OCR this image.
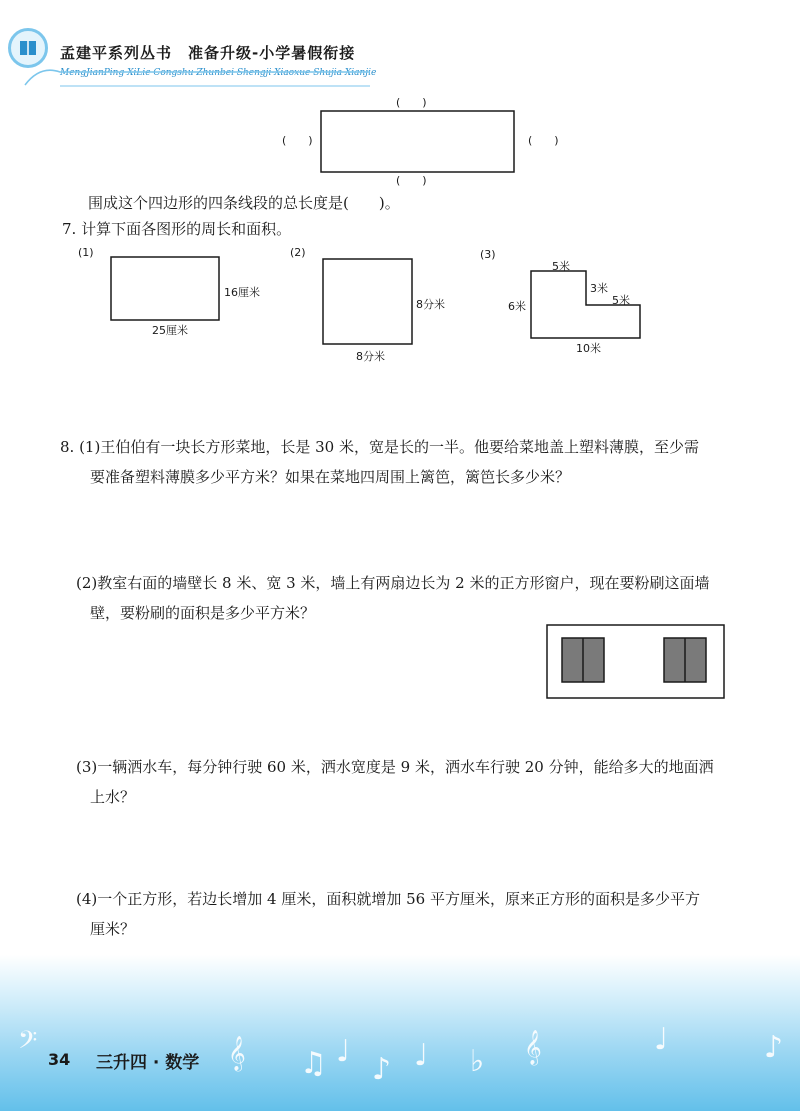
孟建平系列丛书　准备升级-小学暑假衔接
MengJianPing XiLie Congshu Zhunbei Shengji-Xiaoxue Shujia Xianjie
(　　)
(　　)	(　　)
(　　)
围成这个四边形的四条线段的总长度是(　　)。
7. 计算下面各图形的周长和面积。
(1)
16厘米
25厘米
(2)
8分米
8分米
(3)
5米
3米
5米
6米
10米
8. (1)王伯伯有一块长方形菜地，长是 30 米，宽是长的一半。他要给菜地盖上塑料薄膜，至少需
要准备塑料薄膜多少平方米？如果在菜地四周围上篱笆，篱笆长多少米？
(2)教室右面的墙壁长 8 米、宽 3 米，墙上有两扇边长为 2 米的正方形窗户，现在要粉刷这面墙
壁，要粉刷的面积是多少平方米？
(3)一辆洒水车，每分钟行驶 60 米，洒水宽度是 9 米，洒水车行驶 20 分钟，能给多大的地面洒
上水？
(4)一个正方形，若边长增加 4 厘米，面积就增加 56 平方厘米，原来正方形的面积是多少平方
厘米？
𝄢	𝄞 ♫ ♩
♪ ♩ ♭ 𝄞	♩	♪
34 三升四 · 数学
